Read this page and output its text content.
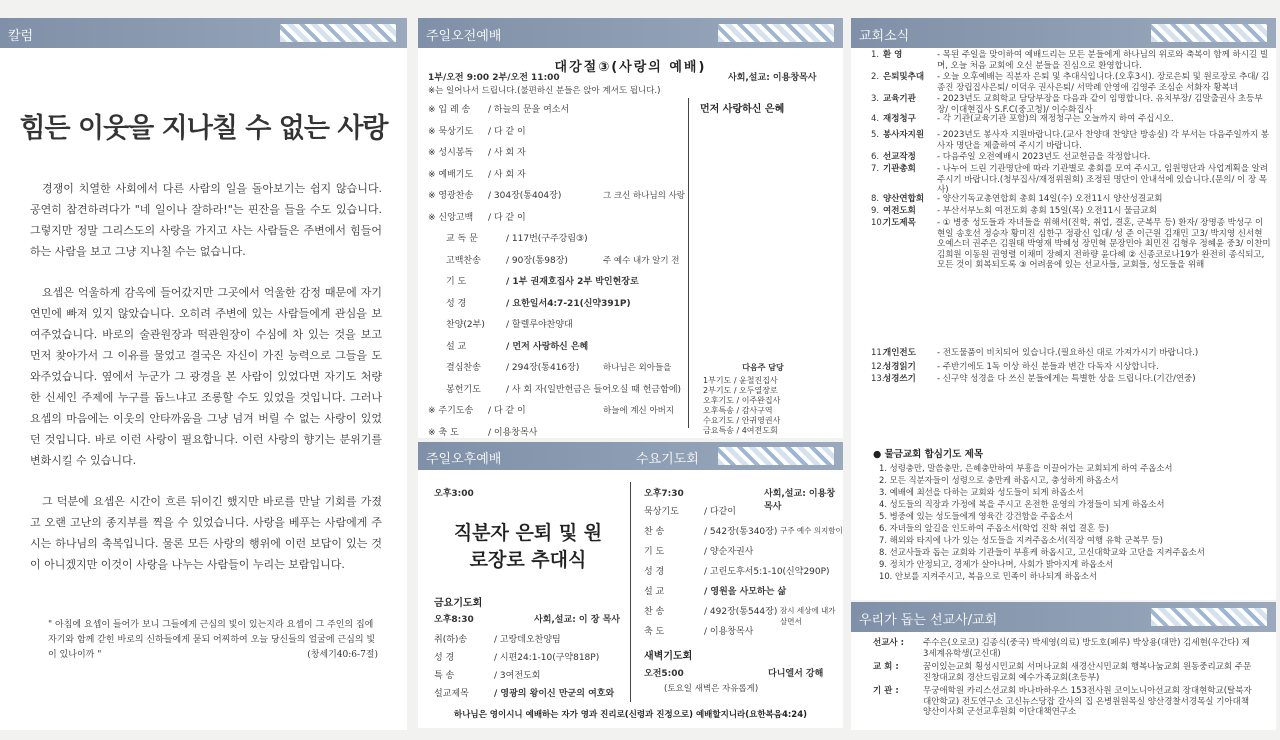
칼럼
힘든 이웃을 지나칠 수 없는 사랑

경쟁이 치열한 사회에서 다른 사람의 일을 돌아보기는 쉽지 않습니다. 공연히 참견하려다가 "네 일이나 잘하라!"는 핀잔을 들을 수도 있습니다. 그렇지만 정말 그리스도의 사랑을 가지고 사는 사람들은 주변에서 힘들어 하는 사람을 보고 그냥 지나칠 수는 없습니다.

요셉은 억울하게 감옥에 들어갔지만 그곳에서 억울한 감정 때문에 자기 연민에 빠져 있지 않았습니다. 오히려 주변에 있는 사람들에게 관심을 보여주었습니다. 바로의 술관원장과 떡관원장이 수심에 차 있는 것을 보고 먼저 찾아가서 그 이유를 물었고 결국은 자신이 가진 능력으로 그들을 도와주었습니다. 옆에서 누군가 그 광경을 본 사람이 있었다면 자기도 처량한 신세인 주제에 누구를 돕느냐고 조롱할 수도 있었을 것입니다. 그러나 요셉의 마음에는 이웃의 안타까움을 그냥 넘겨 버릴 수 없는 사랑이 있었던 것입니다. 바로 이런 사랑이 필요합니다. 이런 사랑의 향기는 분위기를 변화시킬 수 있습니다.

그 덕분에 요셉은 시간이 흐른 뒤이긴 했지만 바로를 만날 기회를 가졌고 오랜 고난의 종지부를 찍을 수 있었습니다. 사랑을 베푸는 사람에게 주시는 하나님의 축복입니다. 물론 모든 사랑의 행위에 이런 보답이 있는 것이 아니겠지만 이것이 사랑을 나누는 사람들이 누리는 보람입니다.

" 아침에 요셉이 들어가 보니 그들에게 근심의 빛이 있는지라 요셉이 그 주인의 집에 자기와 함께 갇힌 바로의 신하들에게 묻되 어찌하여 오늘 당신들의 얼굴에 근심의 빛이 있나이까 "	(창세기40:6-7절)
주일오전예배
대강절③(사랑의 예배)
1부/오전 9:00 2부/오전 11:00	사회,설교: 이용창목사
※는 일어나서 드립니다.(불편하신 분들은 앉아 계셔도 됩니다.)
먼저 사랑하신 은혜
※ 입 례 송 / 하늘의 문을 여소서
※ 묵상기도 / 다 같 이
※ 성시봉독 / 사 회 자
※ 예배기도 / 사 회 자
※ 영광찬송 / 304장(통404장)	그 크신 하나님의 사랑
※ 신앙고백 / 다 같 이
교 독 문	/ 117번(구주강림③)
고백찬송	/ 90장(통98장)	주 예수 내가 알기 전
기 도	/ 1부 권재호집사 2부 박인현장로
성 경	/ 요한일서4:7-21(신약391P)
찬양(2부) / 할렐루야찬양대
설 교	/ 먼저 사랑하신 은혜
결심찬송	/ 294장(통416장)	하나님은 외아들을
봉헌기도	/ 사 회 자(일반헌금은 들어오실 때 헌금함에)
※ 주기도송 / 다 같 이	하늘에 계신 아버지
※ 축 도	/ 이용창목사
다음주 담당
1부기도 / 윤철진집사
2부기도 / 오두열장로
오후기도 / 이주완집사
오후특송 / 감사구역
수요기도 / 안귀영권사
금요특송 / 4여전도회
주일오후예배	수요기도회
오후3:00
직분자 은퇴 및 원로장로 추대식
금요기도회
오후8:30	사회,설교: 이 장 목사
취(하)송	/ 고랑데오찬양팀
성 경	/ 시편24:1-10(구약818P)
특 송	/ 3여전도회
설교제목	/ 영광의 왕이신 만군의 여호와
오후7:30	사회,설교: 이용창목사
묵상기도	/ 다같이
찬 송	/ 542장(통340장) 구주 예수 의지함이
기 도	/ 양순자권사
성 경	/ 고린도후서5:1-10(신약290P)
설 교	/ 영원을 사모하는 삶
찬 송	/ 492장(통544장) 잠시 세상에 내가 살면서
축 도	/ 이용창목사
새벽기도회
오전5:00	다니엘서 강해
(토요일 새벽은 자유롭게)
하나님은 영이시니 예배하는 자가 영과 진리로(신령과 진정으로) 예배할지니라(요한복음4:24)
교회소식
1. 환 영	- 목된 주일을 맞이하여 예배드리는 모든 분들에게 하나님의 위로와 축복이 함께 하시길 빌며, 오늘 처음 교회에 오신 분들을 진심으로 환영합니다.
2. 은퇴및추대 - 오늘 오후예배는 직분자 은퇴 및 추대식입니다.(오후3시). 장로은퇴 및 원로장로 추대/ 김종진 장립집사은퇴/ 이덕우 권사은퇴/ 서막례 안영애 김영주 조심순 서화자 황복녀
3. 교육기관 - 2023년도 교회학교 담당부장을 다음과 같이 임명합니다. 유치부장/ 김말출권사 초등부장/ 이대현집사 S.F.C(중고청)/ 이수화집사
4. 재정청구 - 각 기관(교육기관 포함)의 재정청구는 오늘까지 하여 주십시오.
5. 봉사자지원 - 2023년도 봉사자 지원바랍니다.(교사 찬양대 찬양단 방송실) 각 부서는 다음주일까지 봉사자 명단을 제출하여 주시기 바랍니다.
6. 선교작정 - 다음주일 오전예배시 2023년도 선교헌금을 작정합니다.
7. 기관총회 - 나누어 드린 기관명단에 따라 기관별로 총회를 모여 주시고, 임원명단과 사업계획을 알려주시기 바랍니다.(청부집사/재정위원회) 조정된 명단이 안내석에 있습니다.(문의/ 이 장 목사)
8. 양산연합회 - 양산기독교총연합회 총회 14일(수) 오전11시 양산성결교회
9. 여전도회 - 부산서부노회 여전도회 총회 15일(목) 오전11시 물금교회
10.기도제목 - ① 병중 성도들과 자녀들을 위해서(진학, 취업, 결혼, 군복무 등) 환자/ 장명종 박성구 이현일 송호선 정승자 황미진 심한구 정광신 입대/ 성 준 이근원 김재민 고3/ 박지영 신서현 오예스더 권주은 김원태 박영재 박혜성 장민혁 문장민아 최민진 김형우 정혜윤 중3/ 이찬미 김희원 이동원 권영렬 이채미 장혜지 전하량 윤다혜 ② 신종코로나19가 완전히 종식되고, 모든 것이 회복되도록 ③ 어려움에 있는 선교사들, 교회들, 성도들을 위해
11.개인전도 - 전도물품이 비치되어 있습니다.(필요하신 대로 가져가시기 바랍니다.)
12.성경읽기 - 주반기에도 1독 이상 하신 분들과 변간 다독자 시상합니다.
13.성경쓰기 - 신구약 성경을 다 쓰신 분들에게는 특별한 상을 드립니다.(기간/연중)
● 물금교회 합심기도 제목
1. 성령충만, 말씀충만, 은혜충만하여 부흥을 이끌어가는 교회되게 하여 주옵소서
2. 모든 직분자들이 성령으로 충만케 하옵시고, 충성하게 하옵소서
3. 예배에 최선을 다하는 교회와 성도들이 되게 하옵소서
4. 성도들의 직장과 가정에 복을 주시고 온전한 운영의 가정들이 되게 하옵소서
5. 병중에 있는 성도들에게 영육간 강건함을 주옵소서
6. 자녀들의 앞길을 인도하여 주옵소서(학업 진학 취업 결혼 등)
7. 해외와 타지에 나가 있는 성도들을 지켜주옵소서(직장 여행 유학 군복무 등)
8. 선교사들과 돕는 교회와 기관들이 부흥케 하옵시고, 고신대학교와 고단을 지켜주옵소서
9. 정치가 안정되고, 경제가 살아나며, 사회가 밝아지게 하옵소서
10. 안보를 지켜주시고, 복음으로 민족이 하나되게 하옵소서
우리가 돕는 선교사/교회
선교사 :	주수은(오로코) 김종식(중국) 박세영(의료) 방도호(페루) 박상용(대만) 김세현(우간다) 제3세계유학생(고신대)
교 회 :	꿈이있는교회 횡성시민교회 서머나교회 새경산시민교회 행복나눔교회 원동중리교회 주문진창대교회 경산드림교회 예수가족교회(초등부)
기 관 :	무궁애학원 카리스선교회 바나바하우스 153전사원 코이노니아선교회 장대현학교(탈북자대안학교) 전도연구소 고신뉴스당잡 갈사의 집 온병원원목실 양산경찰서경목실 기아대책양산이사회 군선교후원회 이단대책연구소
